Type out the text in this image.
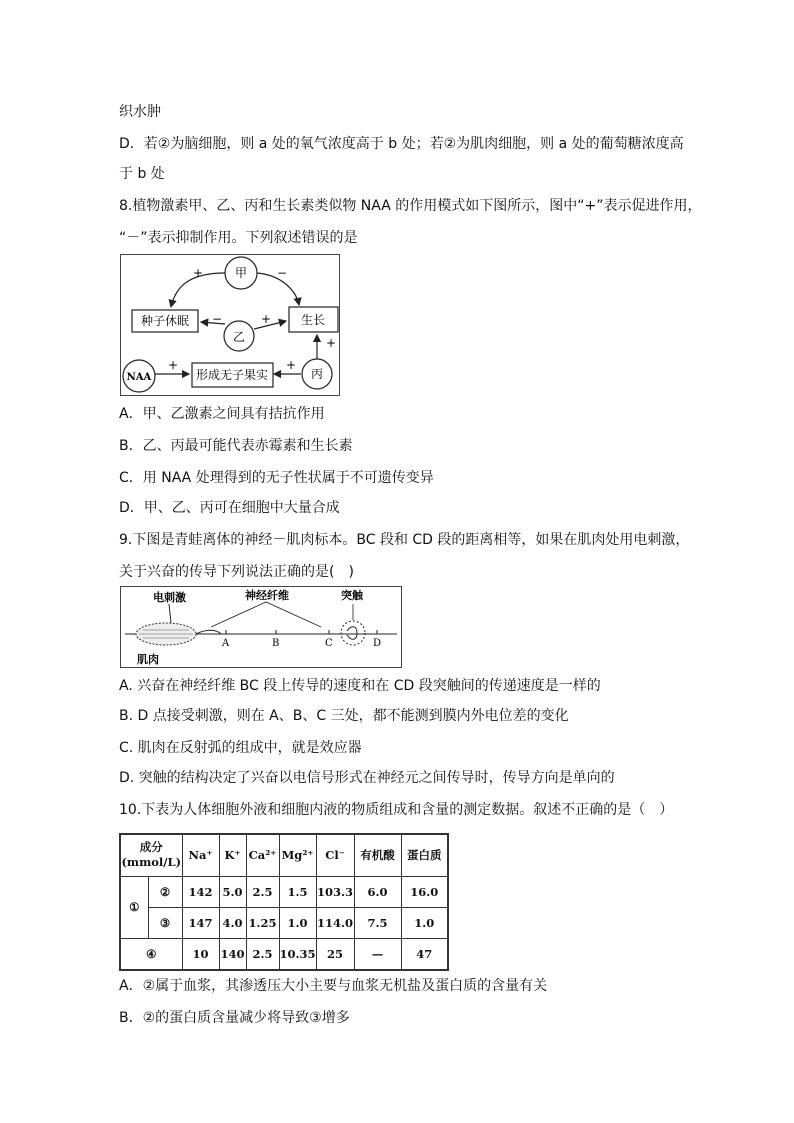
织水肿
D．若②为脑细胞，则 a 处的氧气浓度高于 b 处；若②为肌肉细胞，则 a 处的葡萄糖浓度高
于 b 处
8.植物激素甲、乙、丙和生长素类似物 NAA 的作用模式如下图所示，图中“+”表示促进作用，
“－”表示抑制作用。下列叙述错误的是
甲
乙
丙
NAA
种子休眠	生长
形成无子果实
+	−
−	+
+	+
+
A．甲、乙激素之间具有拮抗作用
B．乙、丙最可能代表赤霉素和生长素
C．用 NAA 处理得到的无子性状属于不可遗传变异
D．甲、乙、丙可在细胞中大量合成
9.下图是青蛙离体的神经－肌肉标本。BC 段和 CD 段的距离相等，如果在肌肉处用电刺激，
关于兴奋的传导下列说法正确的是(　)
电刺激	神经纤维	突触
肌肉
A	B	C	D
A. 兴奋在神经纤维 BC 段上传导的速度和在 CD 段突触间的传递速度是一样的
B. D 点接受刺激，则在 A、B、C 三处，都不能测到膜内外电位差的变化
C. 肌肉在反射弧的组成中，就是效应器
D. 突触的结构决定了兴奋以电信号形式在神经元之间传导时，传导方向是单向的
10.下表为人体细胞外液和细胞内液的物质组成和含量的测定数据。叙述不正确的是（　）
成分
(mmol/L)		Na⁺	K⁺	Ca²⁺	Mg²⁺	Cl⁻	有机酸	蛋白质
①	②	142	5.0	2.5	1.5	103.3	6.0	16.0
	③	147	4.0	1.25	1.0	114.0	7.5	1.0
④		10	140	2.5	10.35	25	—	47
A．②属于血浆，其渗透压大小主要与血浆无机盐及蛋白质的含量有关
B．②的蛋白质含量减少将导致③增多
